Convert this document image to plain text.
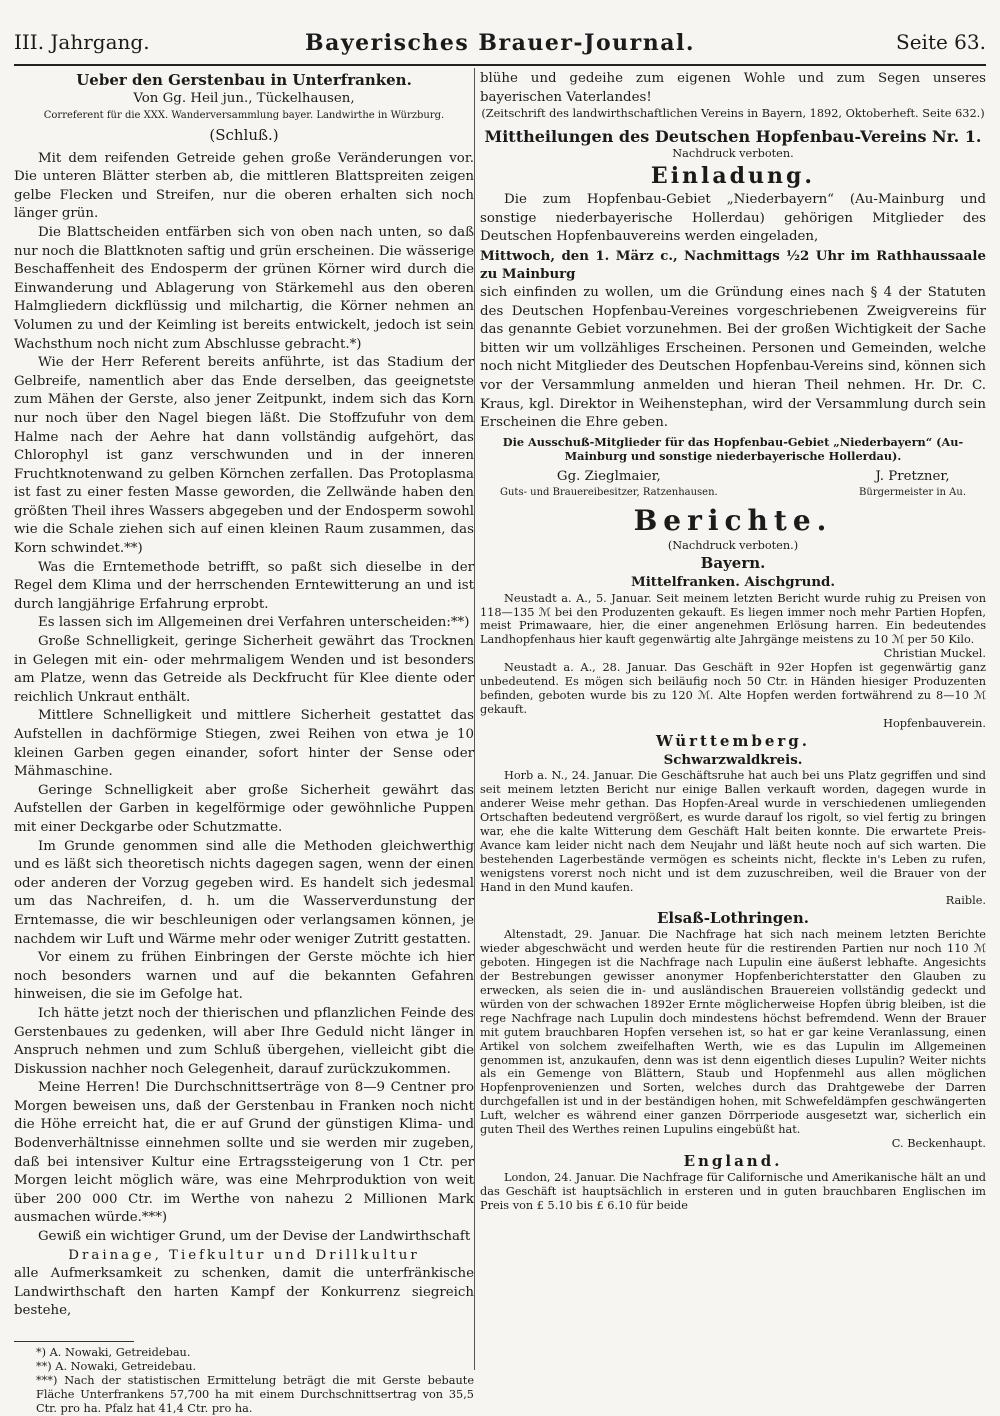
III. Jahrgang.	Bayerisches Brauer-Journal.	Seite 63.

Ueber den Gerstenbau in Unterfranken.

Von Gg. Heil jun., Tückelhausen,

Correferent für die XXX. Wanderversammlung bayer. Landwirthe in Würzburg.

(Schluß.)

Mit dem reifenden Getreide gehen große Veränderungen vor. Die unteren Blätter sterben ab, die mittleren Blattspreiten zeigen gelbe Flecken und Streifen, nur die oberen erhalten sich noch länger grün.

Die Blattscheiden entfärben sich von oben nach unten, so daß nur noch die Blattknoten saftig und grün erscheinen. Die wässerige Beschaffenheit des Endosperm der grünen Körner wird durch die Einwanderung und Ablagerung von Stärkemehl aus den oberen Halmgliedern dickflüssig und milchartig, die Körner nehmen an Volumen zu und der Keimling ist bereits entwickelt, jedoch ist sein Wachsthum noch nicht zum Abschlusse gebracht.*)

Wie der Herr Referent bereits anführte, ist das Stadium der Gelbreife, namentlich aber das Ende derselben, das geeignetste zum Mähen der Gerste, also jener Zeitpunkt, indem sich das Korn nur noch über den Nagel biegen läßt. Die Stoffzufuhr von dem Halme nach der Aehre hat dann vollständig aufgehört, das Chlorophyl ist ganz verschwunden und in der inneren Fruchtknotenwand zu gelben Körnchen zerfallen. Das Protoplasma ist fast zu einer festen Masse geworden, die Zellwände haben den größten Theil ihres Wassers abgegeben und der Endosperm sowohl wie die Schale ziehen sich auf einen kleinen Raum zusammen, das Korn schwindet.**)

Was die Erntemethode betrifft, so paßt sich dieselbe in der Regel dem Klima und der herrschenden Erntewitterung an und ist durch langjährige Erfahrung erprobt.

Es lassen sich im Allgemeinen drei Verfahren unterscheiden:**)

Große Schnelligkeit, geringe Sicherheit gewährt das Trocknen in Gelegen mit ein- oder mehrmaligem Wenden und ist besonders am Platze, wenn das Getreide als Deckfrucht für Klee diente oder reichlich Unkraut enthält.

Mittlere Schnelligkeit und mittlere Sicherheit gestattet das Aufstellen in dachförmige Stiegen, zwei Reihen von etwa je 10 kleinen Garben gegen einander, sofort hinter der Sense oder Mähmaschine.

Geringe Schnelligkeit aber große Sicherheit gewährt das Aufstellen der Garben in kegelförmige oder gewöhnliche Puppen mit einer Deckgarbe oder Schutzmatte.

Im Grunde genommen sind alle die Methoden gleichwerthig und es läßt sich theoretisch nichts dagegen sagen, wenn der einen oder anderen der Vorzug gegeben wird. Es handelt sich jedesmal um das Nachreifen, d. h. um die Wasserverdunstung der Erntemasse, die wir beschleunigen oder verlangsamen können, je nachdem wir Luft und Wärme mehr oder weniger Zutritt gestatten.

Vor einem zu frühen Einbringen der Gerste möchte ich hier noch besonders warnen und auf die bekannten Gefahren hinweisen, die sie im Gefolge hat.

Ich hätte jetzt noch der thierischen und pflanzlichen Feinde des Gerstenbaues zu gedenken, will aber Ihre Geduld nicht länger in Anspruch nehmen und zum Schluß übergehen, vielleicht gibt die Diskussion nachher noch Gelegenheit, darauf zurückzukommen.

Meine Herren! Die Durchschnittserträge von 8—9 Centner pro Morgen beweisen uns, daß der Gerstenbau in Franken noch nicht die Höhe erreicht hat, die er auf Grund der günstigen Klima- und Bodenverhältnisse einnehmen sollte und sie werden mir zugeben, daß bei intensiver Kultur eine Ertragssteigerung von 1 Ctr. per Morgen leicht möglich wäre, was eine Mehrproduktion von weit über 200 000 Ctr. im Werthe von nahezu 2 Millionen Mark ausmachen würde.***)

Gewiß ein wichtiger Grund, um der Devise der Landwirthschaft

Drainage, Tiefkultur und Drillkultur

alle Aufmerksamkeit zu schenken, damit die unterfränkische Landwirthschaft den harten Kampf der Konkurrenz siegreich bestehe,

*) A. Nowaki, Getreidebau.

**) A. Nowaki, Getreidebau.

***) Nach der statistischen Ermittelung beträgt die mit Gerste bebaute Fläche Unterfrankens 57,700 ha mit einem Durchschnittsertrag von 35,5 Ctr. pro ha. Pfalz hat 41,4 Ctr. pro ha.

blühe und gedeihe zum eigenen Wohle und zum Segen unseres bayerischen Vaterlandes!

(Zeitschrift des landwirthschaftlichen Vereins in Bayern, 1892, Oktoberheft. Seite 632.)

Mittheilungen des Deutschen Hopfenbau-Vereins Nr. 1.

Nachdruck verboten.

Einladung.

Die zum Hopfenbau-Gebiet „Niederbayern“ (Au-Mainburg und sonstige niederbayerische Hollerdau) gehörigen Mitglieder des Deutschen Hopfenbauvereins werden eingeladen,

Mittwoch, den 1. März c., Nachmittags ½2 Uhr im Rathhaussaale zu Mainburg

sich einfinden zu wollen, um die Gründung eines nach § 4 der Statuten des Deutschen Hopfenbau-Vereines vorgeschriebenen Zweigvereins für das genannte Gebiet vorzunehmen. Bei der großen Wichtigkeit der Sache bitten wir um vollzähliges Erscheinen. Personen und Gemeinden, welche noch nicht Mitglieder des Deutschen Hopfenbau-Vereins sind, können sich vor der Versammlung anmelden und hieran Theil nehmen. Hr. Dr. C. Kraus, kgl. Direktor in Weihenstephan, wird der Versammlung durch sein Erscheinen die Ehre geben.

Die Ausschuß-Mitglieder für das Hopfenbau-Gebiet „Niederbayern“ (Au-Mainburg und sonstige niederbayerische Hollerdau).

Gg. Zieglmaier,

Guts- und Brauereibesitzer, Ratzenhausen.

J. Pretzner,

Bürgermeister in Au.

Berichte.

(Nachdruck verboten.)

Bayern.

Mittelfranken. Aischgrund.

Neustadt a. A., 5. Januar. Seit meinem letzten Bericht wurde ruhig zu Preisen von 118—135 ℳ bei den Produzenten gekauft. Es liegen immer noch mehr Partien Hopfen, meist Primawaare, hier, die einer angenehmen Erlösung harren. Ein bedeutendes Landhopfenhaus hier kauft gegenwärtig alte Jahrgänge meistens zu 10 ℳ per 50 Kilo.

Christian Muckel.

Neustadt a. A., 28. Januar. Das Geschäft in 92er Hopfen ist gegenwärtig ganz unbedeutend. Es mögen sich beiläufig noch 50 Ctr. in Händen hiesiger Produzenten befinden, geboten wurde bis zu 120 ℳ. Alte Hopfen werden fortwährend zu 8—10 ℳ gekauft.

Hopfenbauverein.

Württemberg.

Schwarzwaldkreis.

Horb a. N., 24. Januar. Die Geschäftsruhe hat auch bei uns Platz gegriffen und sind seit meinem letzten Bericht nur einige Ballen verkauft worden, dagegen wurde in anderer Weise mehr gethan. Das Hopfen-Areal wurde in verschiedenen umliegenden Ortschaften bedeutend vergrößert, es wurde darauf los rigolt, so viel fertig zu bringen war, ehe die kalte Witterung dem Geschäft Halt beiten konnte. Die erwartete Preis-Avance kam leider nicht nach dem Neujahr und läßt heute noch auf sich warten. Die bestehenden Lagerbestände vermögen es scheints nicht, fleckte in's Leben zu rufen, wenigstens vorerst noch nicht und ist dem zuzuschreiben, weil die Brauer von der Hand in den Mund kaufen.

Raible.

Elsaß-Lothringen.

Altenstadt, 29. Januar. Die Nachfrage hat sich nach meinem letzten Berichte wieder abgeschwächt und werden heute für die restirenden Partien nur noch 110 ℳ geboten. Hingegen ist die Nachfrage nach Lupulin eine äußerst lebhafte. Angesichts der Bestrebungen gewisser anonymer Hopfenberichterstatter den Glauben zu erwecken, als seien die in- und ausländischen Brauereien vollständig gedeckt und würden von der schwachen 1892er Ernte möglicherweise Hopfen übrig bleiben, ist die rege Nachfrage nach Lupulin doch mindestens höchst befremdend. Wenn der Brauer mit gutem brauchbaren Hopfen versehen ist, so hat er gar keine Veranlassung, einen Artikel von solchem zweifelhaften Werth, wie es das Lupulin im Allgemeinen genommen ist, anzukaufen, denn was ist denn eigentlich dieses Lupulin? Weiter nichts als ein Gemenge von Blättern, Staub und Hopfenmehl aus allen möglichen Hopfenprovenienzen und Sorten, welches durch das Drahtgewebe der Darren durchgefallen ist und in der beständigen hohen, mit Schwefeldämpfen geschwängerten Luft, welcher es während einer ganzen Dörrperiode ausgesetzt war, sicherlich ein guten Theil des Werthes reinen Lupulins eingebüßt hat.

C. Beckenhaupt.

England.

London, 24. Januar. Die Nachfrage für Californische und Amerikanische hält an und das Geschäft ist hauptsächlich in ersteren und in guten brauchbaren Englischen im Preis von £ 5.10 bis £ 6.10 für beide
